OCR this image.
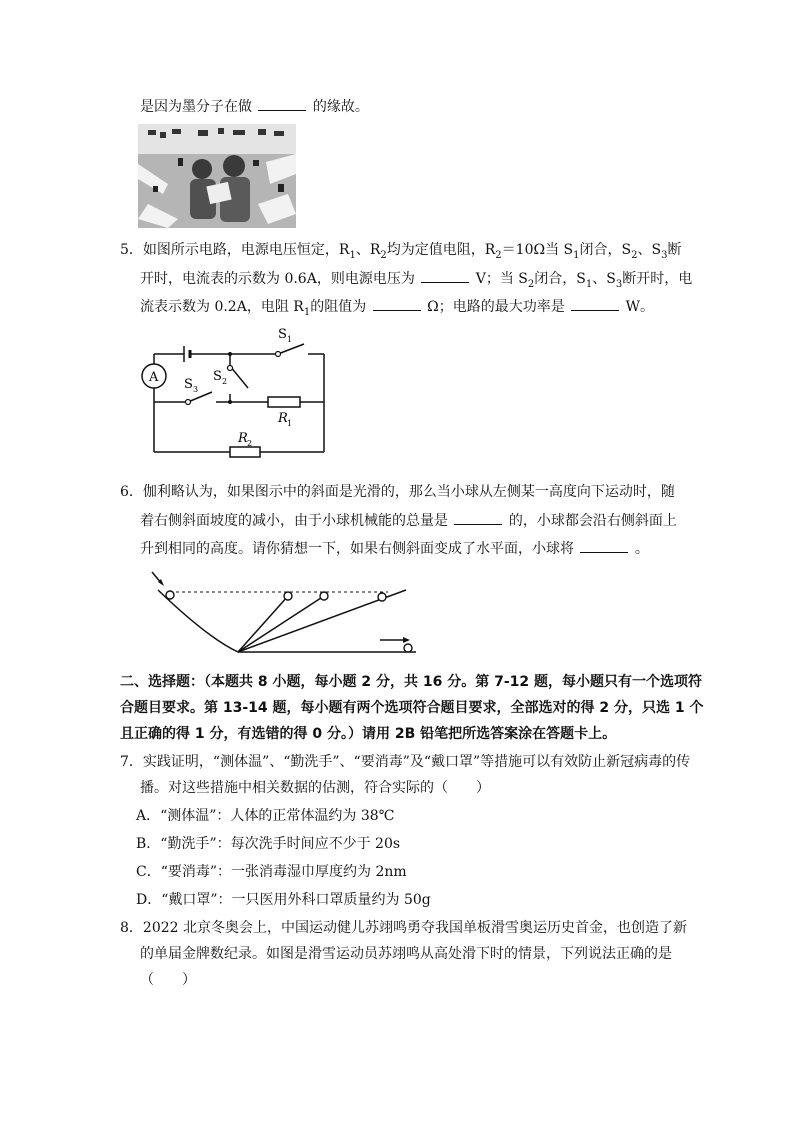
是因为墨分子在做	的缘故。
5．如图所示电路，电源电压恒定，$R_1$、$R_2$均为定值电阻，$R_2=10\Omega$当 $S_1$闭合，$S_2$、$S_3$断
开时，电流表的示数为 0.6A，则电源电压为	V；当 $S_2$闭合，$S_1$、$S_3$断开时，电
流表示数为 0.2A，电阻 $R_1$的阻值为	Ω；电路的最大功率是	W。
A
S 1
S 3
S 2
R 1
R 2
6．伽利略认为，如果图示中的斜面是光滑的，那么当小球从左侧某一高度向下运动时，随
着右侧斜面坡度的减小，由于小球机械能的总量是	的，小球都会沿右侧斜面上
升到相同的高度。请你猜想一下，如果右侧斜面变成了水平面，小球将	。
二、选择题：（本题共 8 小题，每小题 2 分，共 16 分。第 7-12 题，每小题只有一个选项符
合题目要求。第 13-14 题，每小题有两个选项符合题目要求，全部选对的得 2 分，只选 1 个
且正确的得 1 分，有选错的得 0 分。）请用 2B 铅笔把所选答案涂在答题卡上。
7．实践证明，“测体温”、“勤洗手”、“要消毒”及“戴口罩”等措施可以有效防止新冠病毒的传
播。对这些措施中相关数据的估测，符合实际的（　　）
A．“测体温”：人体的正常体温约为 38℃
B．“勤洗手”：每次洗手时间应不少于 20s
C．“要消毒”：一张消毒湿巾厚度约为 2nm
D．“戴口罩”：一只医用外科口罩质量约为 50g
8．2022 北京冬奥会上，中国运动健儿苏翊鸣勇夺我国单板滑雪奥运历史首金，也创造了新
的单届金牌数纪录。如图是滑雪运动员苏翊鸣从高处滑下时的情景，下列说法正确的是
（　　）
